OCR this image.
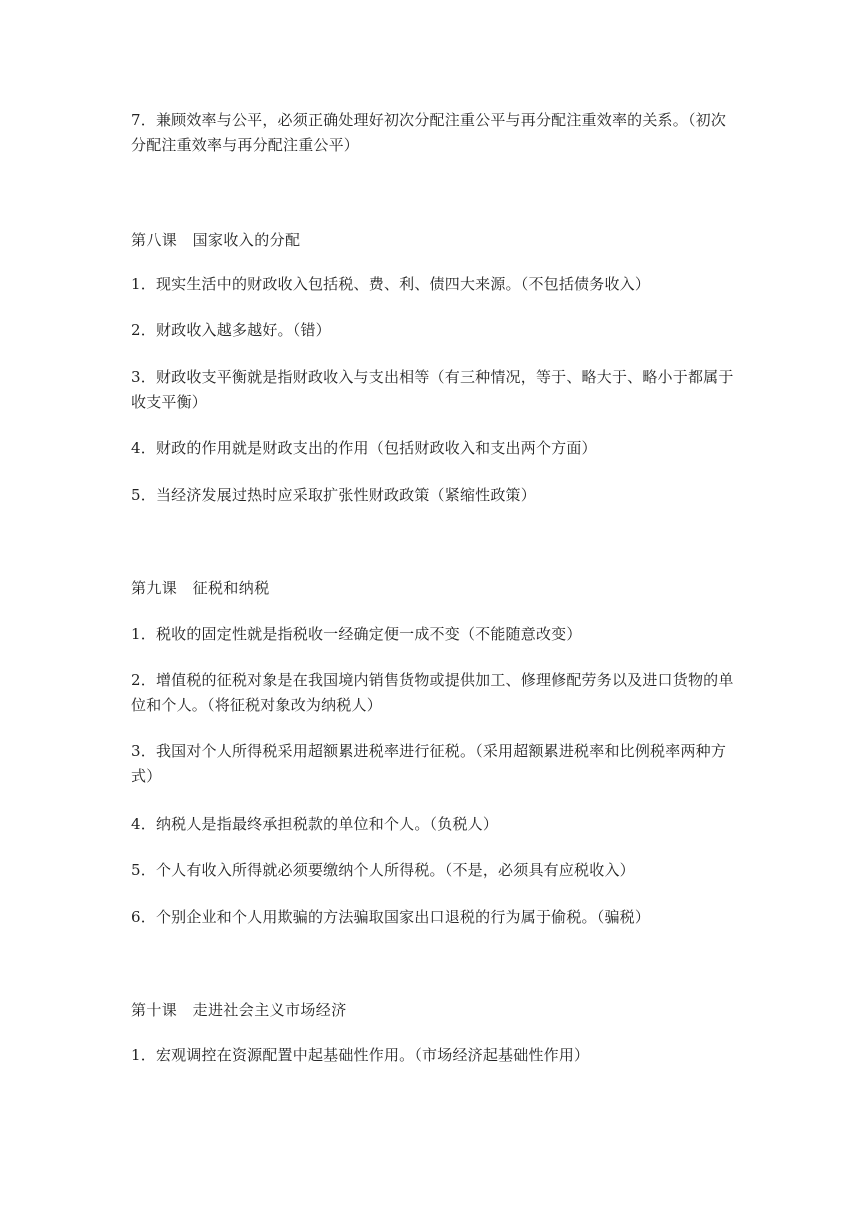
7．兼顾效率与公平，必须正确处理好初次分配注重公平与再分配注重效率的关系。（初次分配注重效率与再分配注重公平）

第八课　国家收入的分配

1．现实生活中的财政收入包括税、费、利、债四大来源。（不包括债务收入）

2．财政收入越多越好。（错）

3．财政收支平衡就是指财政收入与支出相等（有三种情况，等于、略大于、略小于都属于收支平衡）

4．财政的作用就是财政支出的作用（包括财政收入和支出两个方面）

5．当经济发展过热时应采取扩张性财政政策（紧缩性政策）

第九课　征税和纳税

1．税收的固定性就是指税收一经确定便一成不变（不能随意改变）

2．增值税的征税对象是在我国境内销售货物或提供加工、修理修配劳务以及进口货物的单位和个人。（将征税对象改为纳税人）

3．我国对个人所得税采用超额累进税率进行征税。（采用超额累进税率和比例税率两种方式）

4．纳税人是指最终承担税款的单位和个人。（负税人）

5．个人有收入所得就必须要缴纳个人所得税。（不是，必须具有应税收入）

6．个别企业和个人用欺骗的方法骗取国家出口退税的行为属于偷税。（骗税）

第十课　走进社会主义市场经济

1．宏观调控在资源配置中起基础性作用。（市场经济起基础性作用）
